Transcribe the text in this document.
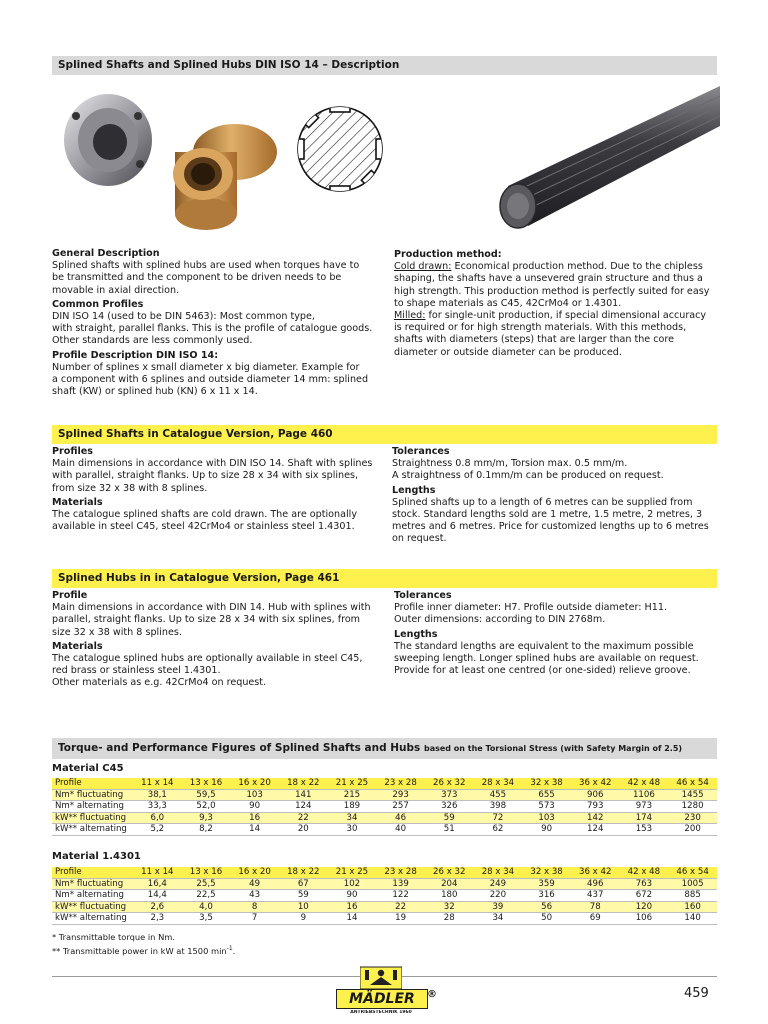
Splined Shafts and Splined Hubs DIN ISO 14 – Description
General Description

Splined shafts with splined hubs are used when torques have to be transmitted and the component to be driven needs to be movable in axial direction.

Common Profiles

DIN ISO 14 (used to be DIN 5463): Most common type,

with straight, parallel flanks. This is the profile of catalogue goods.

Other standards are less commonly used.

Profile Description DIN ISO 14:

Number of splines x small diameter x big diameter. Example for

a component with 6 splines and outside diameter 14 mm: splined

shaft (KW) or splined hub (KN) 6 x 11 x 14.

Production method:

Cold drawn: Economical production method. Due to the chipless shaping, the shafts have a unsevered grain structure and thus a high strength. This production method is perfectly suited for easy to shape materials as C45, 42CrMo4 or 1.4301.

Milled: for single-unit production, if special dimensional accuracy is required or for high strength materials. With this methods, shafts with diameters (steps) that are larger than the core diameter or outside diameter can be produced.

Splined Shafts in Catalogue Version, Page 460
Profiles

Main dimensions in accordance with DIN ISO 14. Shaft with splines with parallel, straight flanks. Up to size 28 x 34 with six splines, from size 32 x 38 with 8 splines.

Materials

The catalogue splined shafts are cold drawn. The are optionally available in steel C45, steel 42CrMo4 or stainless steel 1.4301.

Tolerances

Straightness 0.8 mm/m, Torsion max. 0.5 mm/m.

A straightness of 0.1mm/m can be produced on request.

Lengths

Splined shafts up to a length of 6 metres can be supplied from stock. Standard lengths sold are 1 metre, 1.5 metre, 2 metres, 3 metres and 6 metres. Price for customized lengths up to 6 metres on request.

Splined Hubs in in Catalogue Version, Page 461
Profile

Main dimensions in accordance with DIN 14. Hub with splines with parallel, straight flanks. Up to size 28 x 34 with six splines, from size 32 x 38 with 8 splines.

Materials

The catalogue splined hubs are optionally available in steel C45, red brass or stainless steel 1.4301.

Other materials as e.g. 42CrMo4 on request.

Tolerances

Profile inner diameter: H7. Profile outside diameter: H11.

Outer dimensions: according to DIN 2768m.

Lengths

The standard lengths are equivalent to the maximum possible sweeping length. Longer splined hubs are available on request. Provide for at least one centred (or one-sided) relieve groove.

Torque- and Performance Figures of Splined Shafts and Hubs based on the Torsional Stress (with Safety Margin of 2.5)
Material C45
Profile	11 x 14	13 x 16	16 x 20	18 x 22	21 x 25	23 x 28	26 x 32	28 x 34	32 x 38	36 x 42	42 x 48	46 x 54
Nm* fluctuating	38,1	59,5	103	141	215	293	373	455	655	906	1106	1455
Nm* alternating	33,3	52,0	90	124	189	257	326	398	573	793	973	1280
kW** fluctuating	6,0	9,3	16	22	34	46	59	72	103	142	174	230
kW** alternating	5,2	8,2	14	20	30	40	51	62	90	124	153	200
Material 1.4301
Profile	11 x 14	13 x 16	16 x 20	18 x 22	21 x 25	23 x 28	26 x 32	28 x 34	32 x 38	36 x 42	42 x 48	46 x 54
Nm* fluctuating	16,4	25,5	49	67	102	139	204	249	359	496	763	1005
Nm* alternating	14,4	22,5	43	59	90	122	180	220	316	437	672	885
kW** fluctuating	2,6	4,0	8	10	16	22	32	39	56	78	120	160
kW** alternating	2,3	3,5	7	9	14	19	28	34	50	69	106	140
* Transmittable torque in Nm.
** Transmittable power in kW at 1500 $\min^{-1}$.
MÄDLER	®
ANTRIEBSTECHNIK 1960
459
